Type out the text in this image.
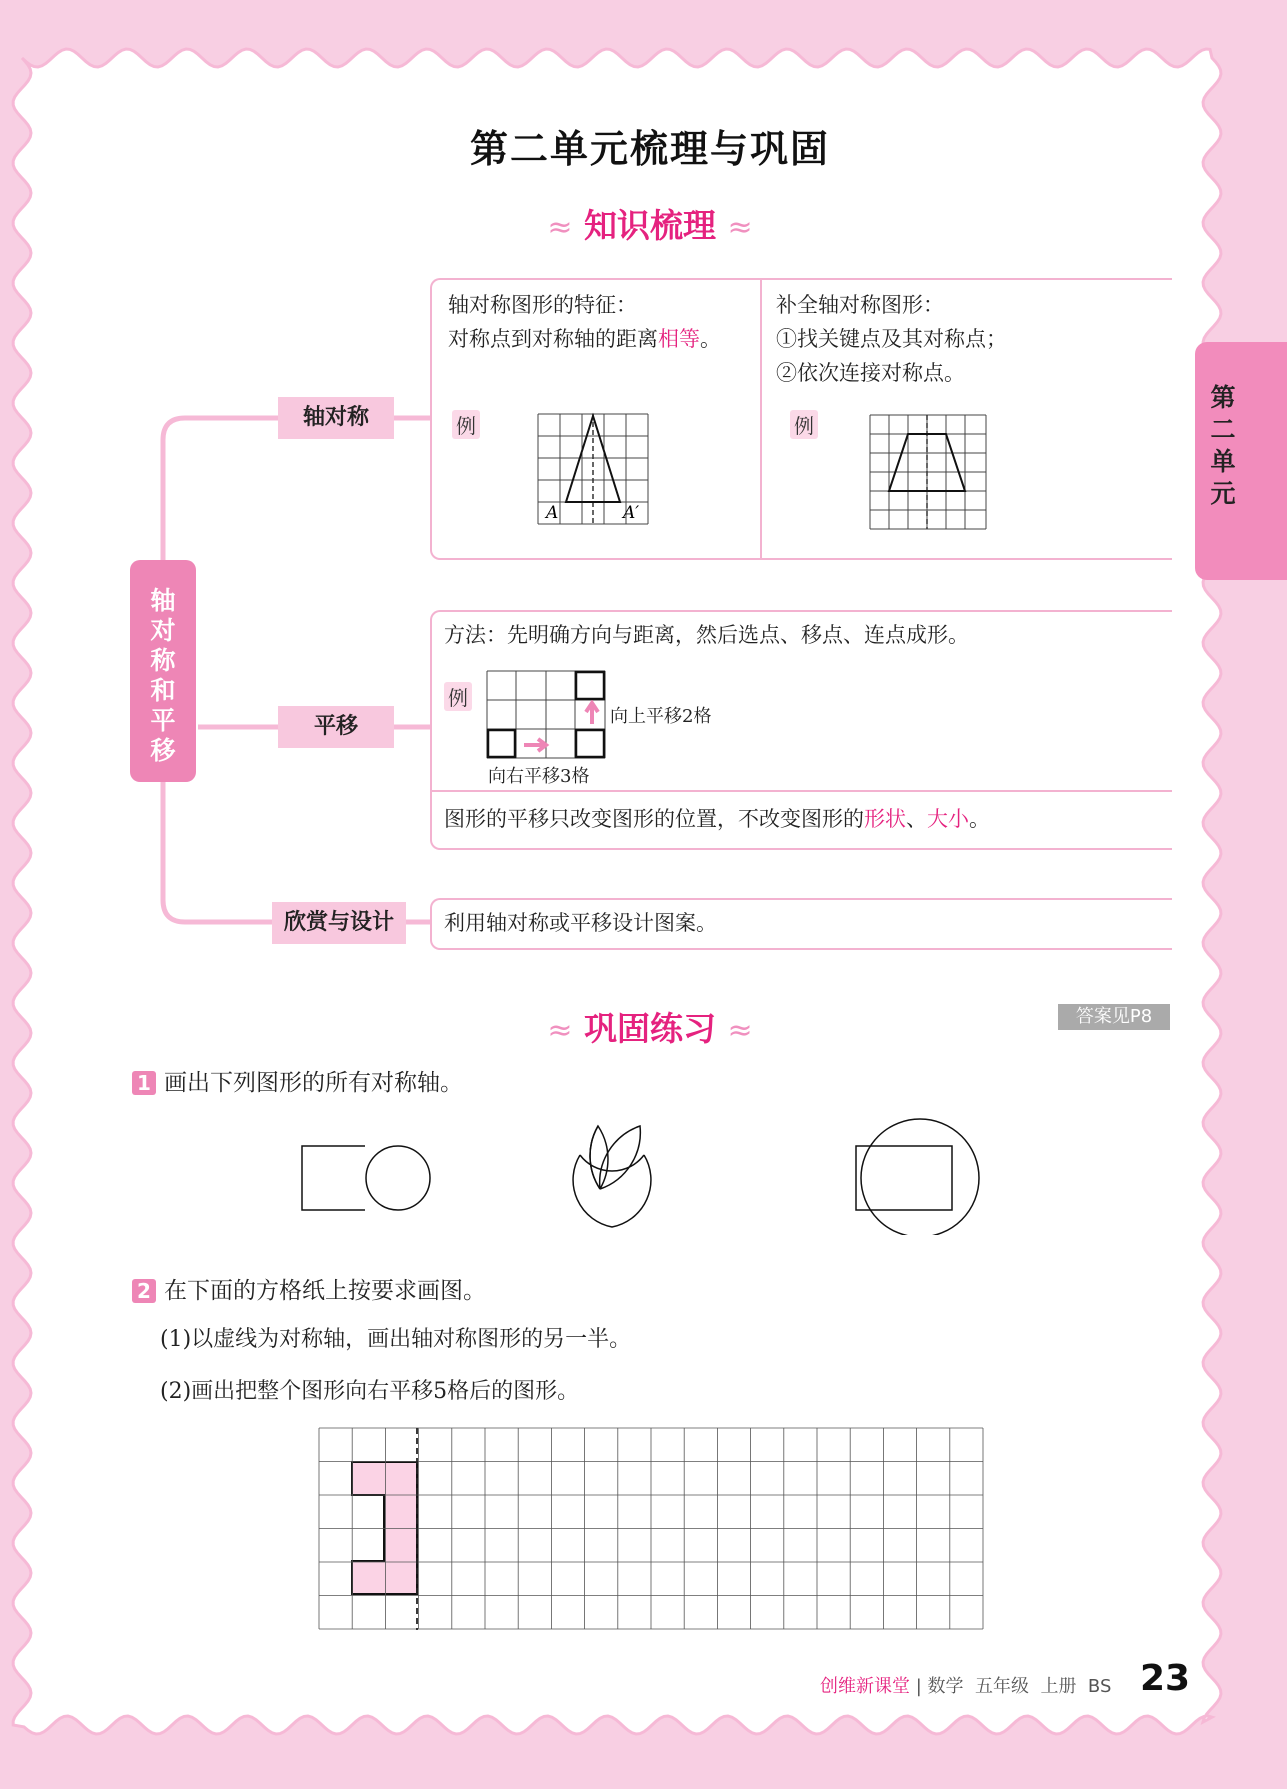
第二单元梳理与巩固
第二单元
≈ 知识梳理 ≈
轴对称和平移
轴对称
平移
欣赏与设计
轴对称图形的特征：
对称点到对称轴的距离相等。
例
A	A′
补全轴对称图形：
①找关键点及其对称点；
②依次连接对称点。
例
方法：先明确方向与距离，然后选点、移点、连点成形。
例
向上平移2格
向右平移3格
图形的平移只改变图形的位置，不改变图形的形状、大小。
利用轴对称或平移设计图案。
≈ 巩固练习 ≈	答案见P8
1 画出下列图形的所有对称轴。
2 在下面的方格纸上按要求画图。
(1)以虚线为对称轴，画出轴对称图形的另一半。
(2)画出把整个图形向右平移5格后的图形。
创维新课堂 | 数学 五年级 上册 BS 23
